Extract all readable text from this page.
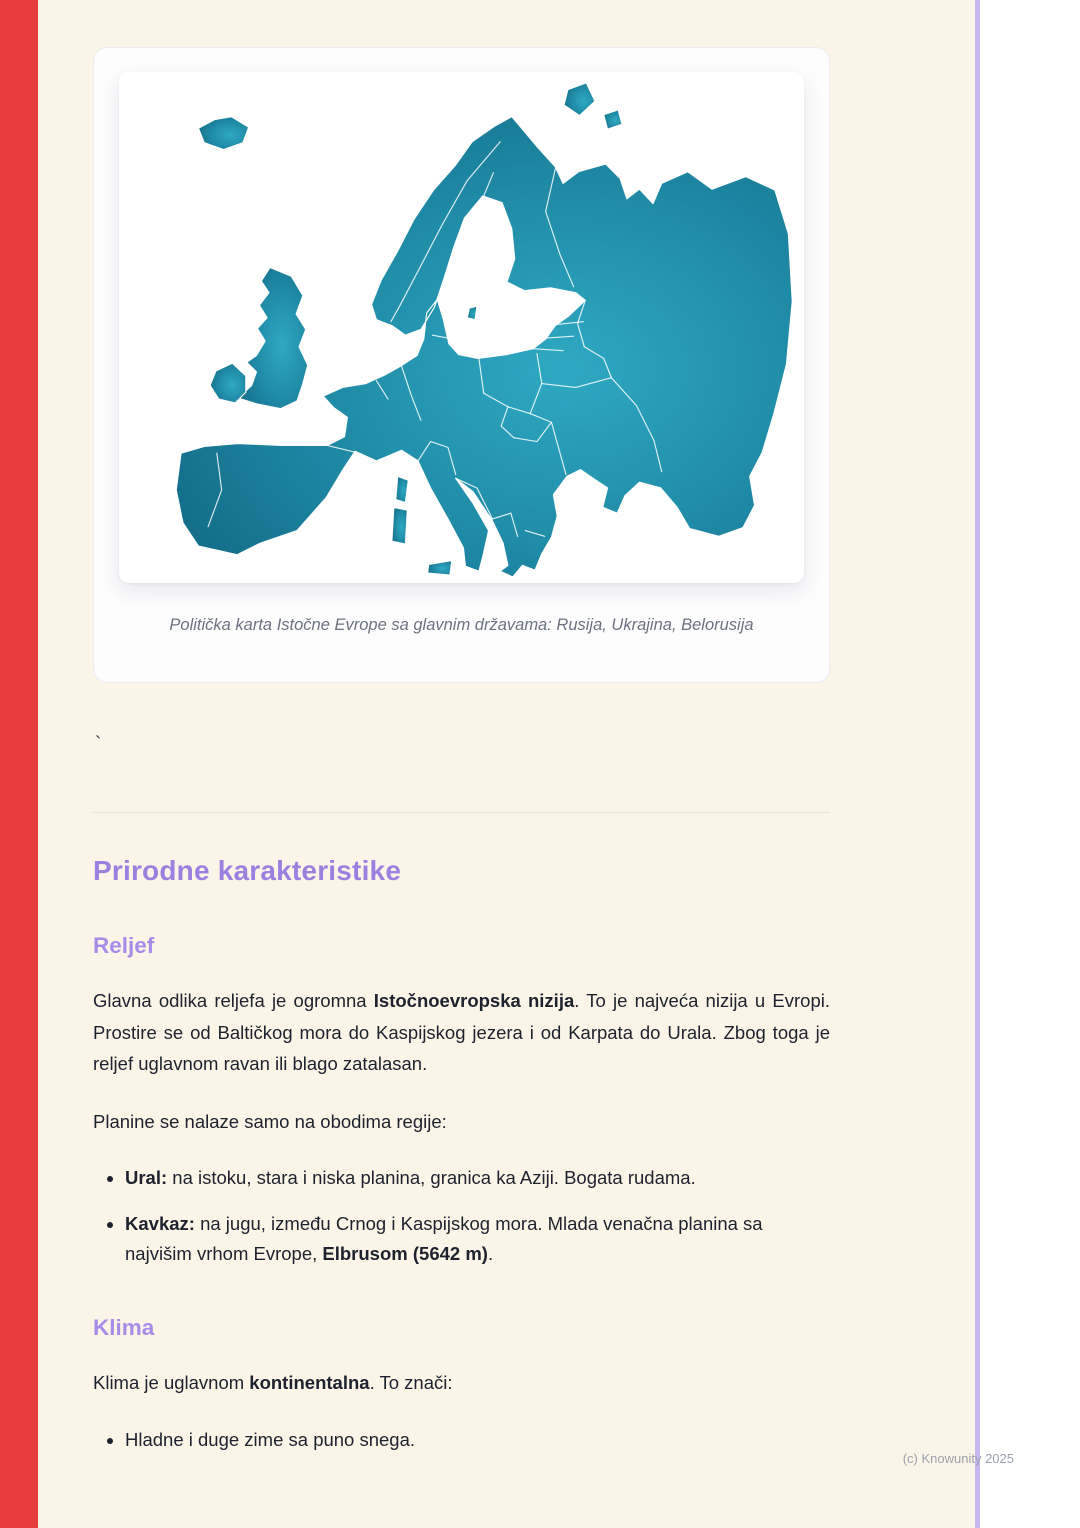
Politička karta Istočne Evrope sa glavnim državama: Rusija, Ukrajina, Belorusija

`
Prirodne karakteristike
Reljef

Glavna odlika reljefa je ogromna Istočnoevropska nizija. To je najveća nizija u Evropi. Prostire se od Baltičkog mora do Kaspijskog jezera i od Karpata do Urala. Zbog toga je reljef uglavnom ravan ili blago zatalasan.

Planine se nalaze samo na obodima regije:

• Ural: na istoku, stara i niska planina, granica ka Aziji. Bogata rudama.
• Kavkaz: na jugu, između Crnog i Kaspijskog mora. Mlada venačna planina sa najvišim vrhom Evrope, Elbrusom (5642 m).
Klima

Klima je uglavnom kontinentalna. To znači:

• Hladne i duge zime sa puno snega.
(c) Knowunity 2025
